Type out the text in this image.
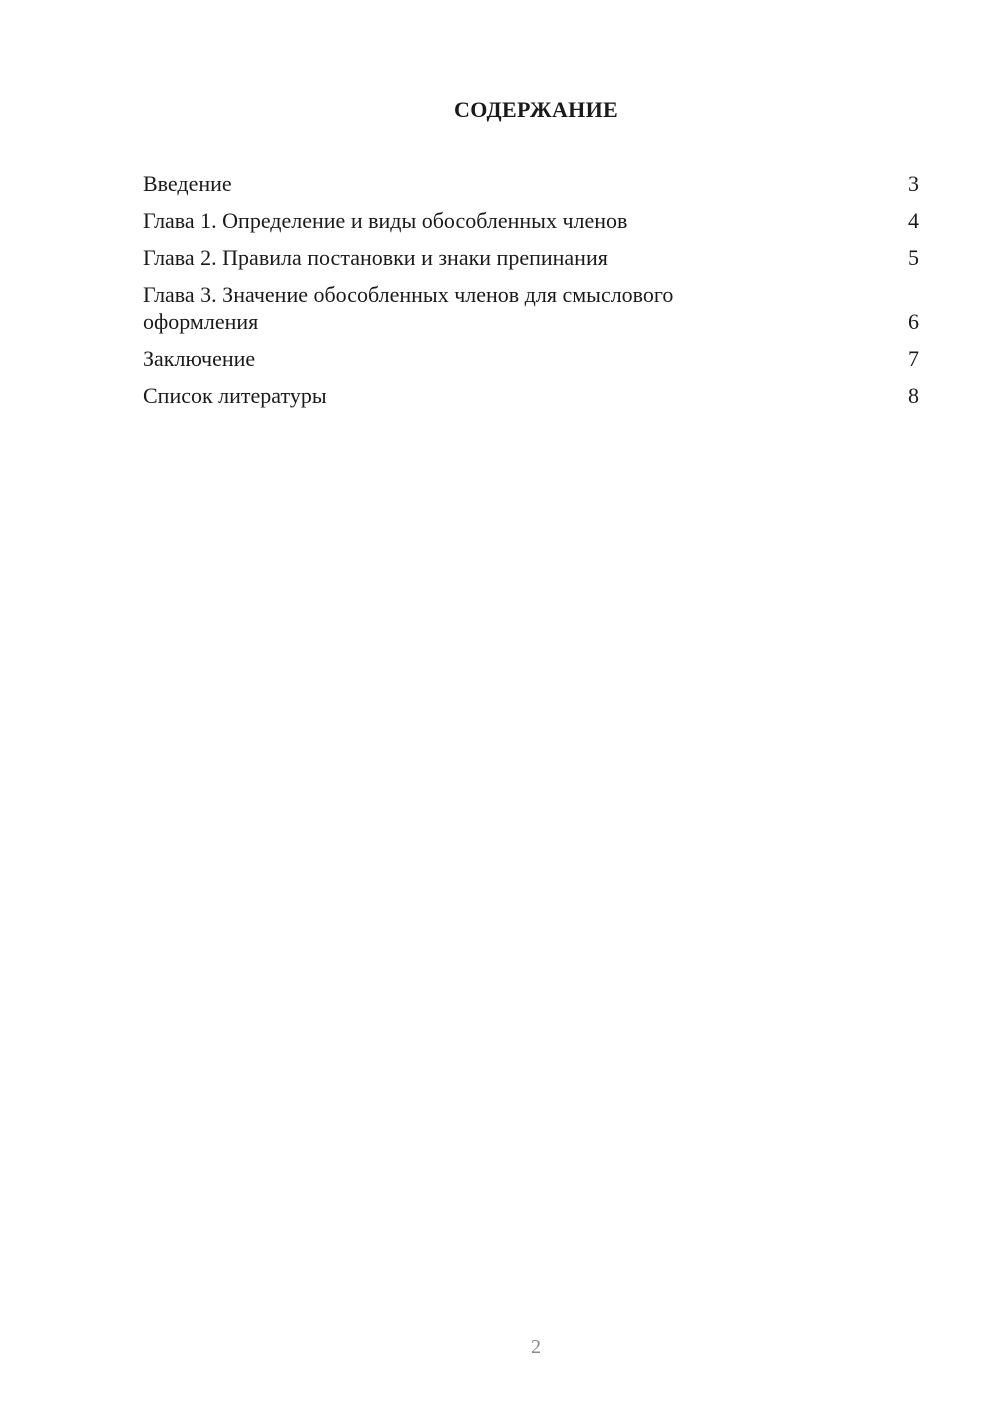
СОДЕРЖАНИЕ
Введение	3
Глава 1. Определение и виды обособленных членов	4
Глава 2. Правила постановки и знаки препинания	5
Глава 3. Значение обособленных членов для смыслового оформления	6
Заключение	7
Список литературы	8
2
